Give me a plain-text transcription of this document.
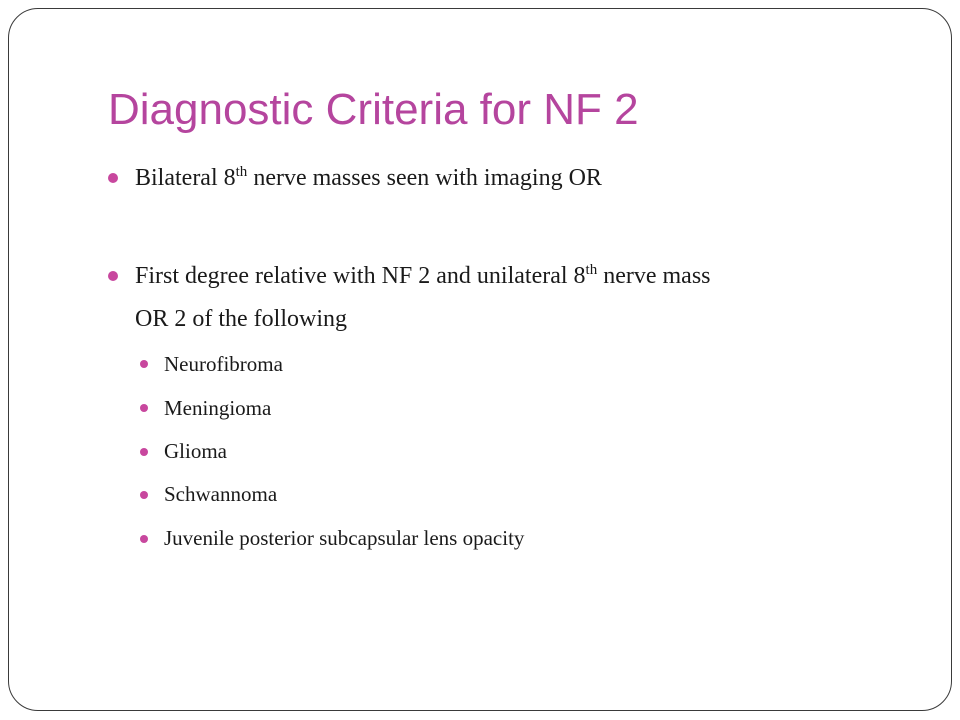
Diagnostic Criteria for NF 2
Bilateral 8th nerve masses seen with imaging OR
First degree relative with NF 2 and unilateral 8th nerve mass
OR 2 of the following
Neurofibroma
Meningioma
Glioma
Schwannoma
Juvenile posterior subcapsular lens opacity
